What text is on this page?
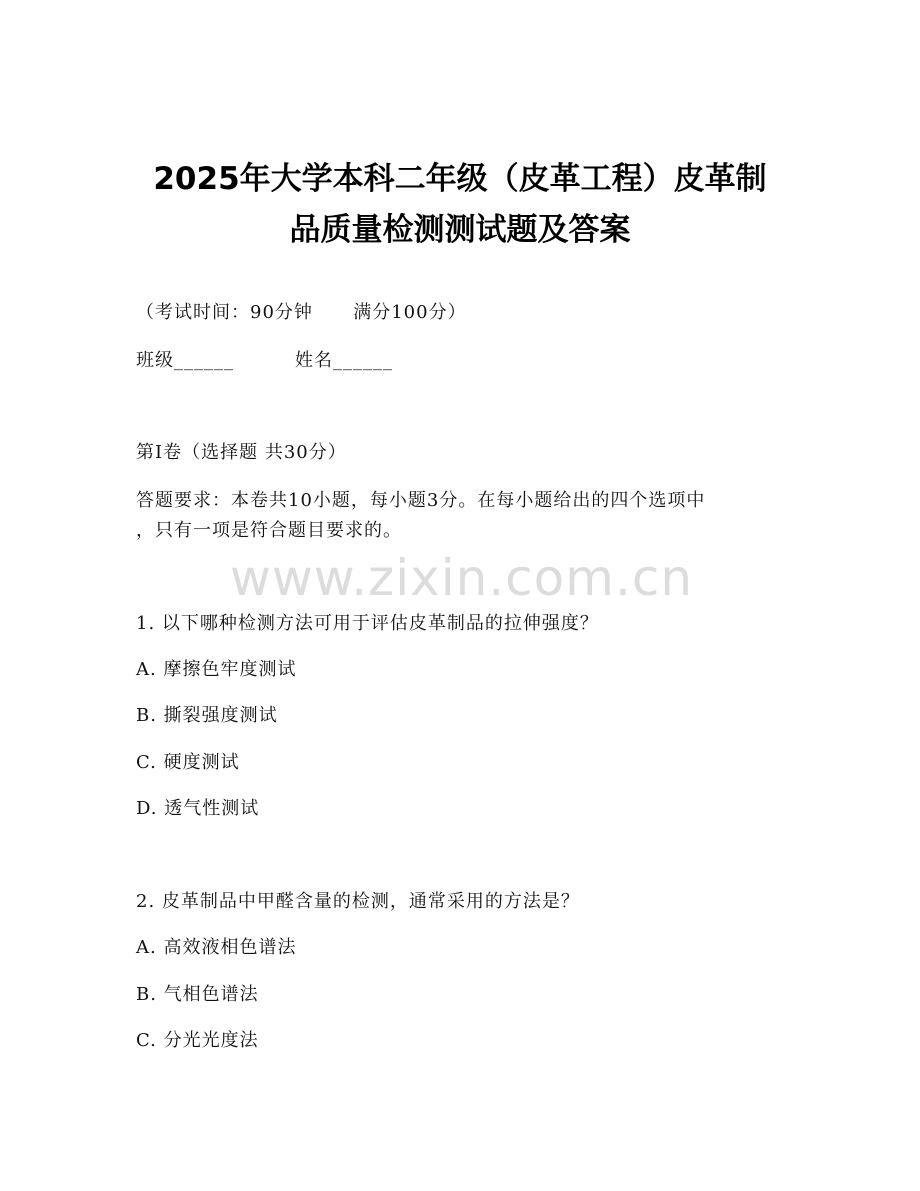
2025年大学本科二年级（皮革工程）皮革制
品质量检测测试题及答案
（考试时间：90分钟      满分100分）
班级______	姓名______
第I卷（选择题 共30分）
答题要求：本卷共10小题，每小题3分。在每小题给出的四个选项中
，只有一项是符合题目要求的。
www.zixin.com.cn
1. 以下哪种检测方法可用于评估皮革制品的拉伸强度？
A. 摩擦色牢度测试
B. 撕裂强度测试
C. 硬度测试
D. 透气性测试
2. 皮革制品中甲醛含量的检测，通常采用的方法是？
A. 高效液相色谱法
B. 气相色谱法
C. 分光光度法
